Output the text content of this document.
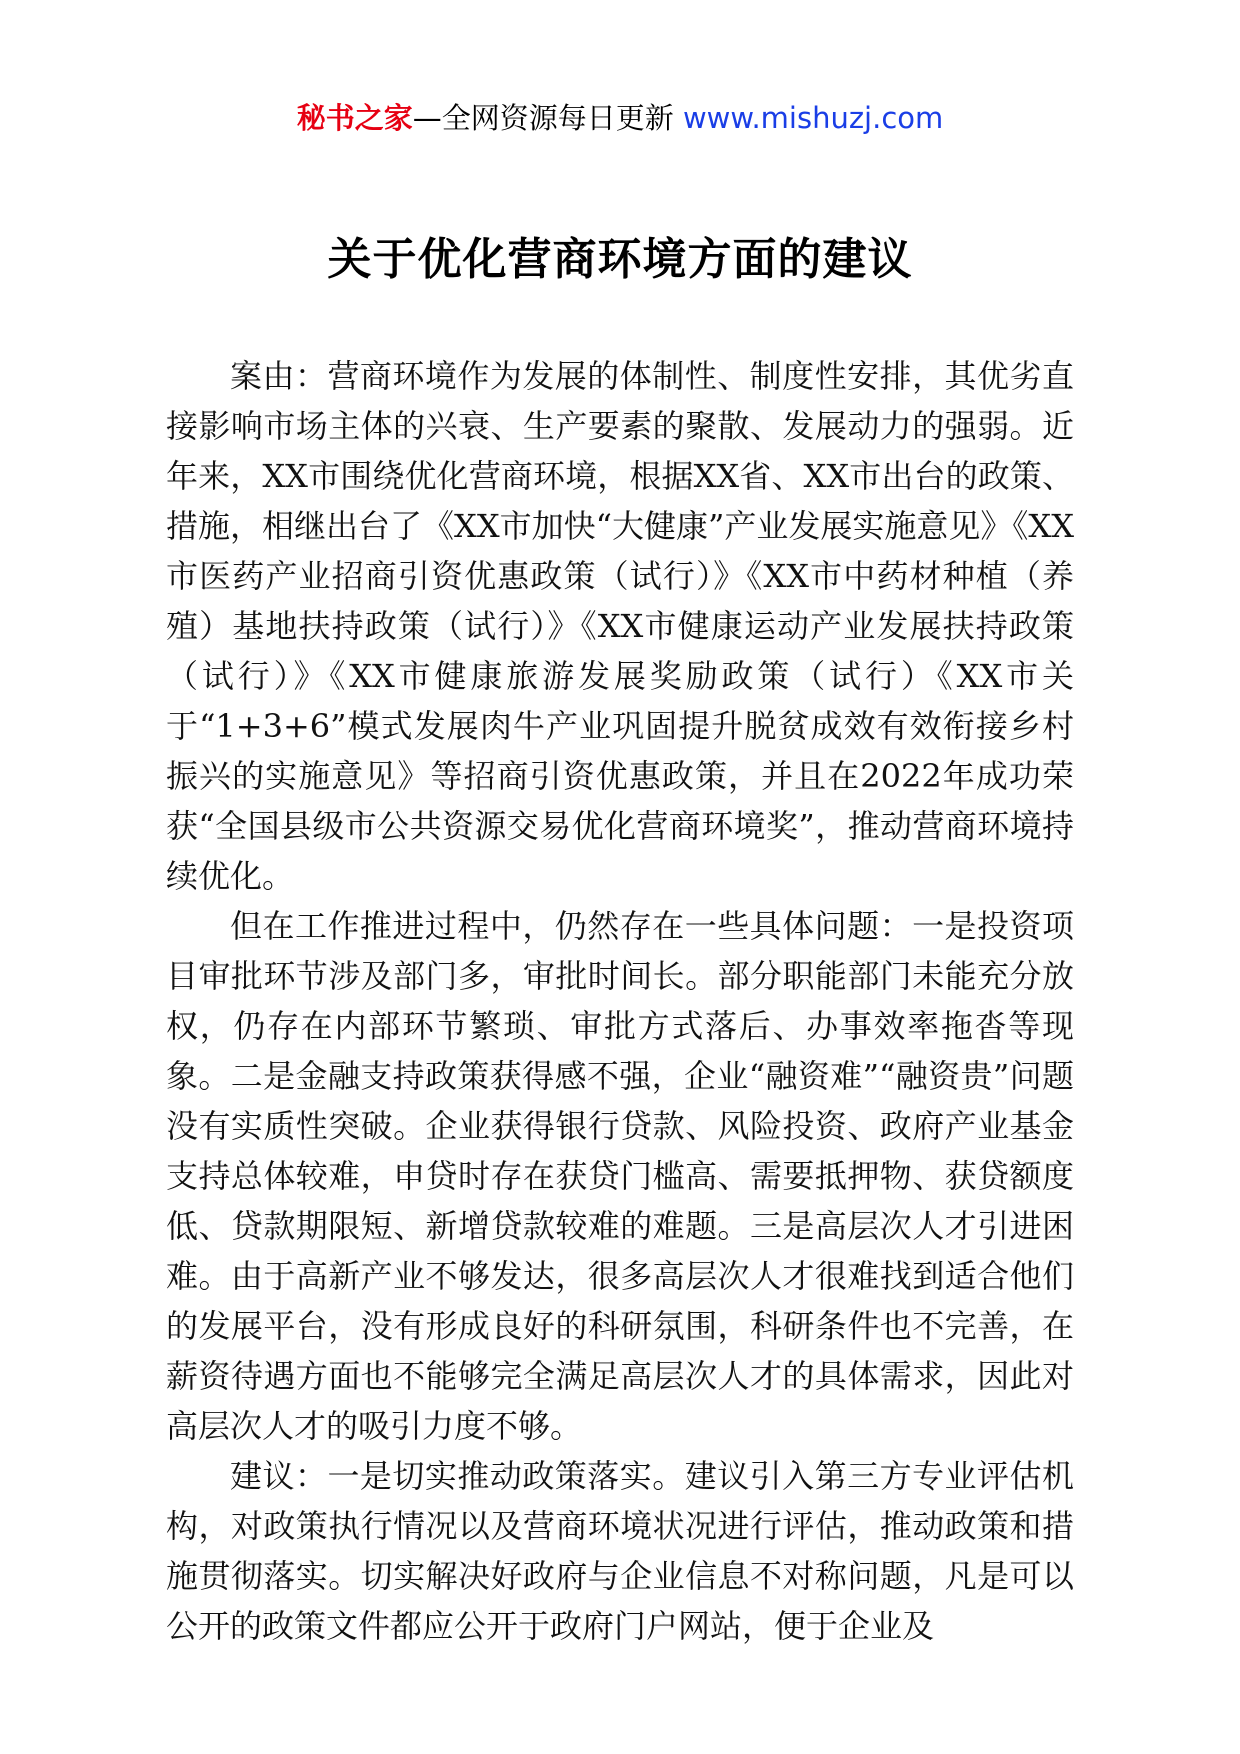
秘书之家—全网资源每日更新 www.mishuzj.com
关于优化营商环境方面的建议

案由：营商环境作为发展的体制性、制度性安排，其优劣直接影响市场主体的兴衰、生产要素的聚散、发展动力的强弱。近年来，XX市围绕优化营商环境，根据XX省、XX市出台的政策、措施，相继出台了《XX市加快“大健康”产业发展实施意见》《XX市医药产业招商引资优惠政策（试行）》《XX市中药材种植（养殖）基地扶持政策（试行）》《XX市健康运动产业发展扶持政策（试行）》《XX市健康旅游发展奖励政策（试行）《XX市关于“1+3+6”模式发展肉牛产业巩固提升脱贫成效有效衔接乡村振兴的实施意见》等招商引资优惠政策，并且在2022年成功荣获“全国县级市公共资源交易优化营商环境奖”，推动营商环境持续优化。

但在工作推进过程中，仍然存在一些具体问题：一是投资项目审批环节涉及部门多，审批时间长。部分职能部门未能充分放权，仍存在内部环节繁琐、审批方式落后、办事效率拖沓等现象。二是金融支持政策获得感不强，企业“融资难”“融资贵”问题没有实质性突破。企业获得银行贷款、风险投资、政府产业基金支持总体较难，申贷时存在获贷门槛高、需要抵押物、获贷额度低、贷款期限短、新增贷款较难的难题。三是高层次人才引进困难。由于高新产业不够发达，很多高层次人才很难找到适合他们的发展平台，没有形成良好的科研氛围，科研条件也不完善，在薪资待遇方面也不能够完全满足高层次人才的具体需求，因此对高层次人才的吸引力度不够。

建议：一是切实推动政策落实。建议引入第三方专业评估机构，对政策执行情况以及营商环境状况进行评估，推动政策和措施贯彻落实。切实解决好政府与企业信息不对称问题，凡是可以公开的政策文件都应公开于政府门户网站，便于企业及
